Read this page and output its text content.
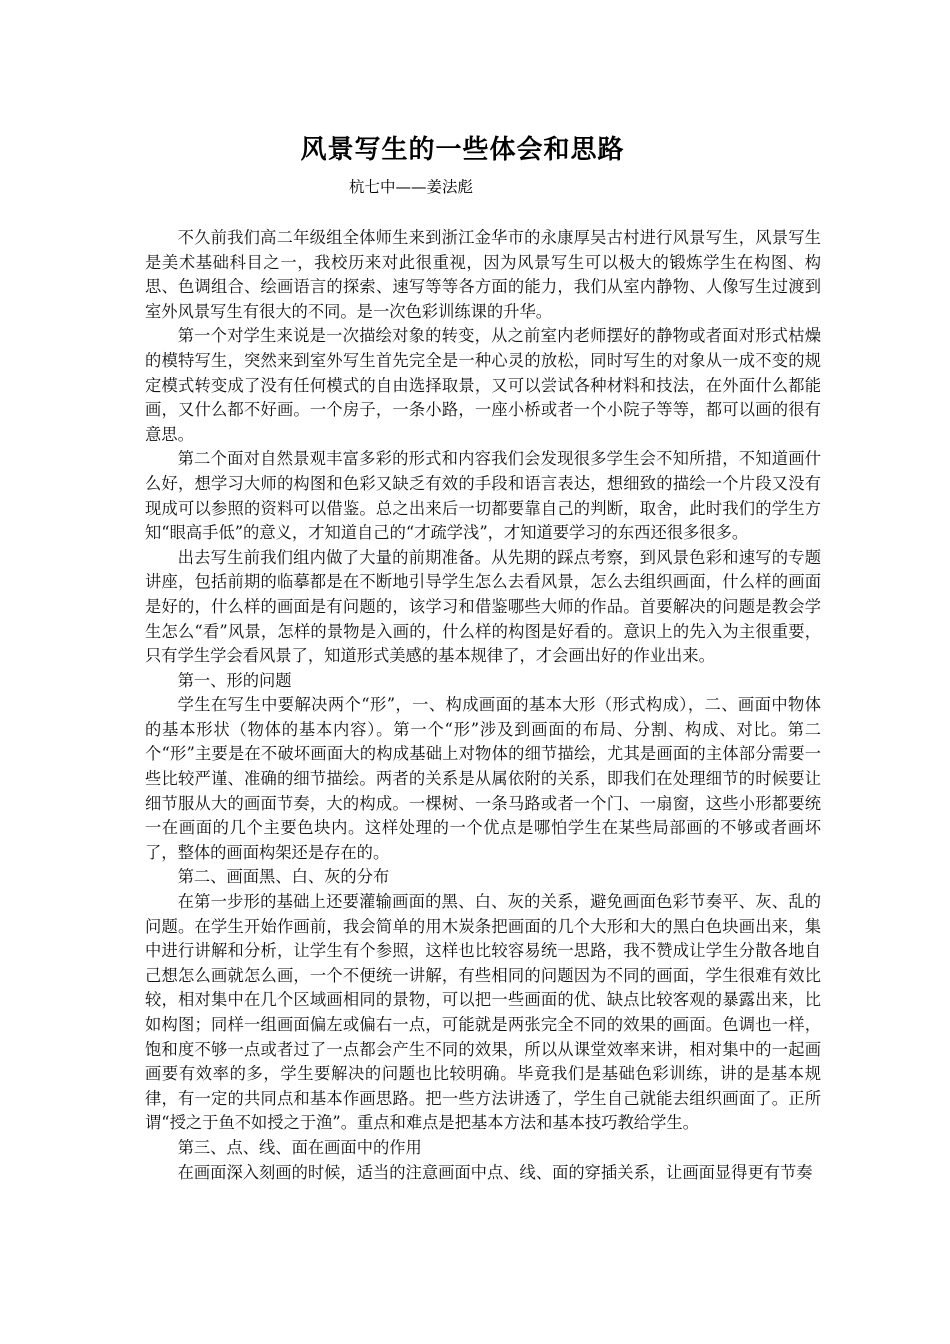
风景写生的一些体会和思路
杭七中——姜法彪

不久前我们高二年级组全体师生来到浙江金华市的永康厚吴古村进行风景写生，风景写生是美术基础科目之一，我校历来对此很重视，因为风景写生可以极大的锻炼学生在构图、构思、色调组合、绘画语言的探索、速写等等各方面的能力，我们从室内静物、人像写生过渡到室外风景写生有很大的不同。是一次色彩训练课的升华。

第一个对学生来说是一次描绘对象的转变，从之前室内老师摆好的静物或者面对形式枯燥的模特写生，突然来到室外写生首先完全是一种心灵的放松，同时写生的对象从一成不变的规定模式转变成了没有任何模式的自由选择取景，又可以尝试各种材料和技法，在外面什么都能画，又什么都不好画。一个房子，一条小路，一座小桥或者一个小院子等等，都可以画的很有意思。

第二个面对自然景观丰富多彩的形式和内容我们会发现很多学生会不知所措，不知道画什么好，想学习大师的构图和色彩又缺乏有效的手段和语言表达，想细致的描绘一个片段又没有现成可以参照的资料可以借鉴。总之出来后一切都要靠自己的判断，取舍，此时我们的学生方知“眼高手低”的意义，才知道自己的“才疏学浅”，才知道要学习的东西还很多很多。

出去写生前我们组内做了大量的前期准备。从先期的踩点考察，到风景色彩和速写的专题讲座，包括前期的临摹都是在不断地引导学生怎么去看风景，怎么去组织画面，什么样的画面是好的，什么样的画面是有问题的，该学习和借鉴哪些大师的作品。首要解决的问题是教会学生怎么“看”风景，怎样的景物是入画的，什么样的构图是好看的。意识上的先入为主很重要，只有学生学会看风景了，知道形式美感的基本规律了，才会画出好的作业出来。

第一、形的问题

学生在写生中要解决两个“形”，一、构成画面的基本大形（形式构成），二、画面中物体的基本形状（物体的基本内容）。第一个“形”涉及到画面的布局、分割、构成、对比。第二个“形”主要是在不破坏画面大的构成基础上对物体的细节描绘，尤其是画面的主体部分需要一些比较严谨、准确的细节描绘。两者的关系是从属依附的关系，即我们在处理细节的时候要让细节服从大的画面节奏，大的构成。一棵树、一条马路或者一个门、一扇窗，这些小形都要统一在画面的几个主要色块内。这样处理的一个优点是哪怕学生在某些局部画的不够或者画坏了，整体的画面构架还是存在的。

第二、画面黑、白、灰的分布

在第一步形的基础上还要灌输画面的黑、白、灰的关系，避免画面色彩节奏平、灰、乱的问题。在学生开始作画前，我会简单的用木炭条把画面的几个大形和大的黑白色块画出来，集中进行讲解和分析，让学生有个参照，这样也比较容易统一思路，我不赞成让学生分散各地自己想怎么画就怎么画，一个不便统一讲解，有些相同的问题因为不同的画面，学生很难有效比较，相对集中在几个区域画相同的景物，可以把一些画面的优、缺点比较客观的暴露出来，比如构图；同样一组画面偏左或偏右一点，可能就是两张完全不同的效果的画面。色调也一样，饱和度不够一点或者过了一点都会产生不同的效果，所以从课堂效率来讲，相对集中的一起画画要有效率的多，学生要解决的问题也比较明确。毕竟我们是基础色彩训练，讲的是基本规律，有一定的共同点和基本作画思路。把一些方法讲透了，学生自己就能去组织画面了。正所谓“授之于鱼不如授之于渔”。重点和难点是把基本方法和基本技巧教给学生。

第三、点、线、面在画面中的作用

在画面深入刻画的时候，适当的注意画面中点、线、面的穿插关系，让画面显得更有节奏
